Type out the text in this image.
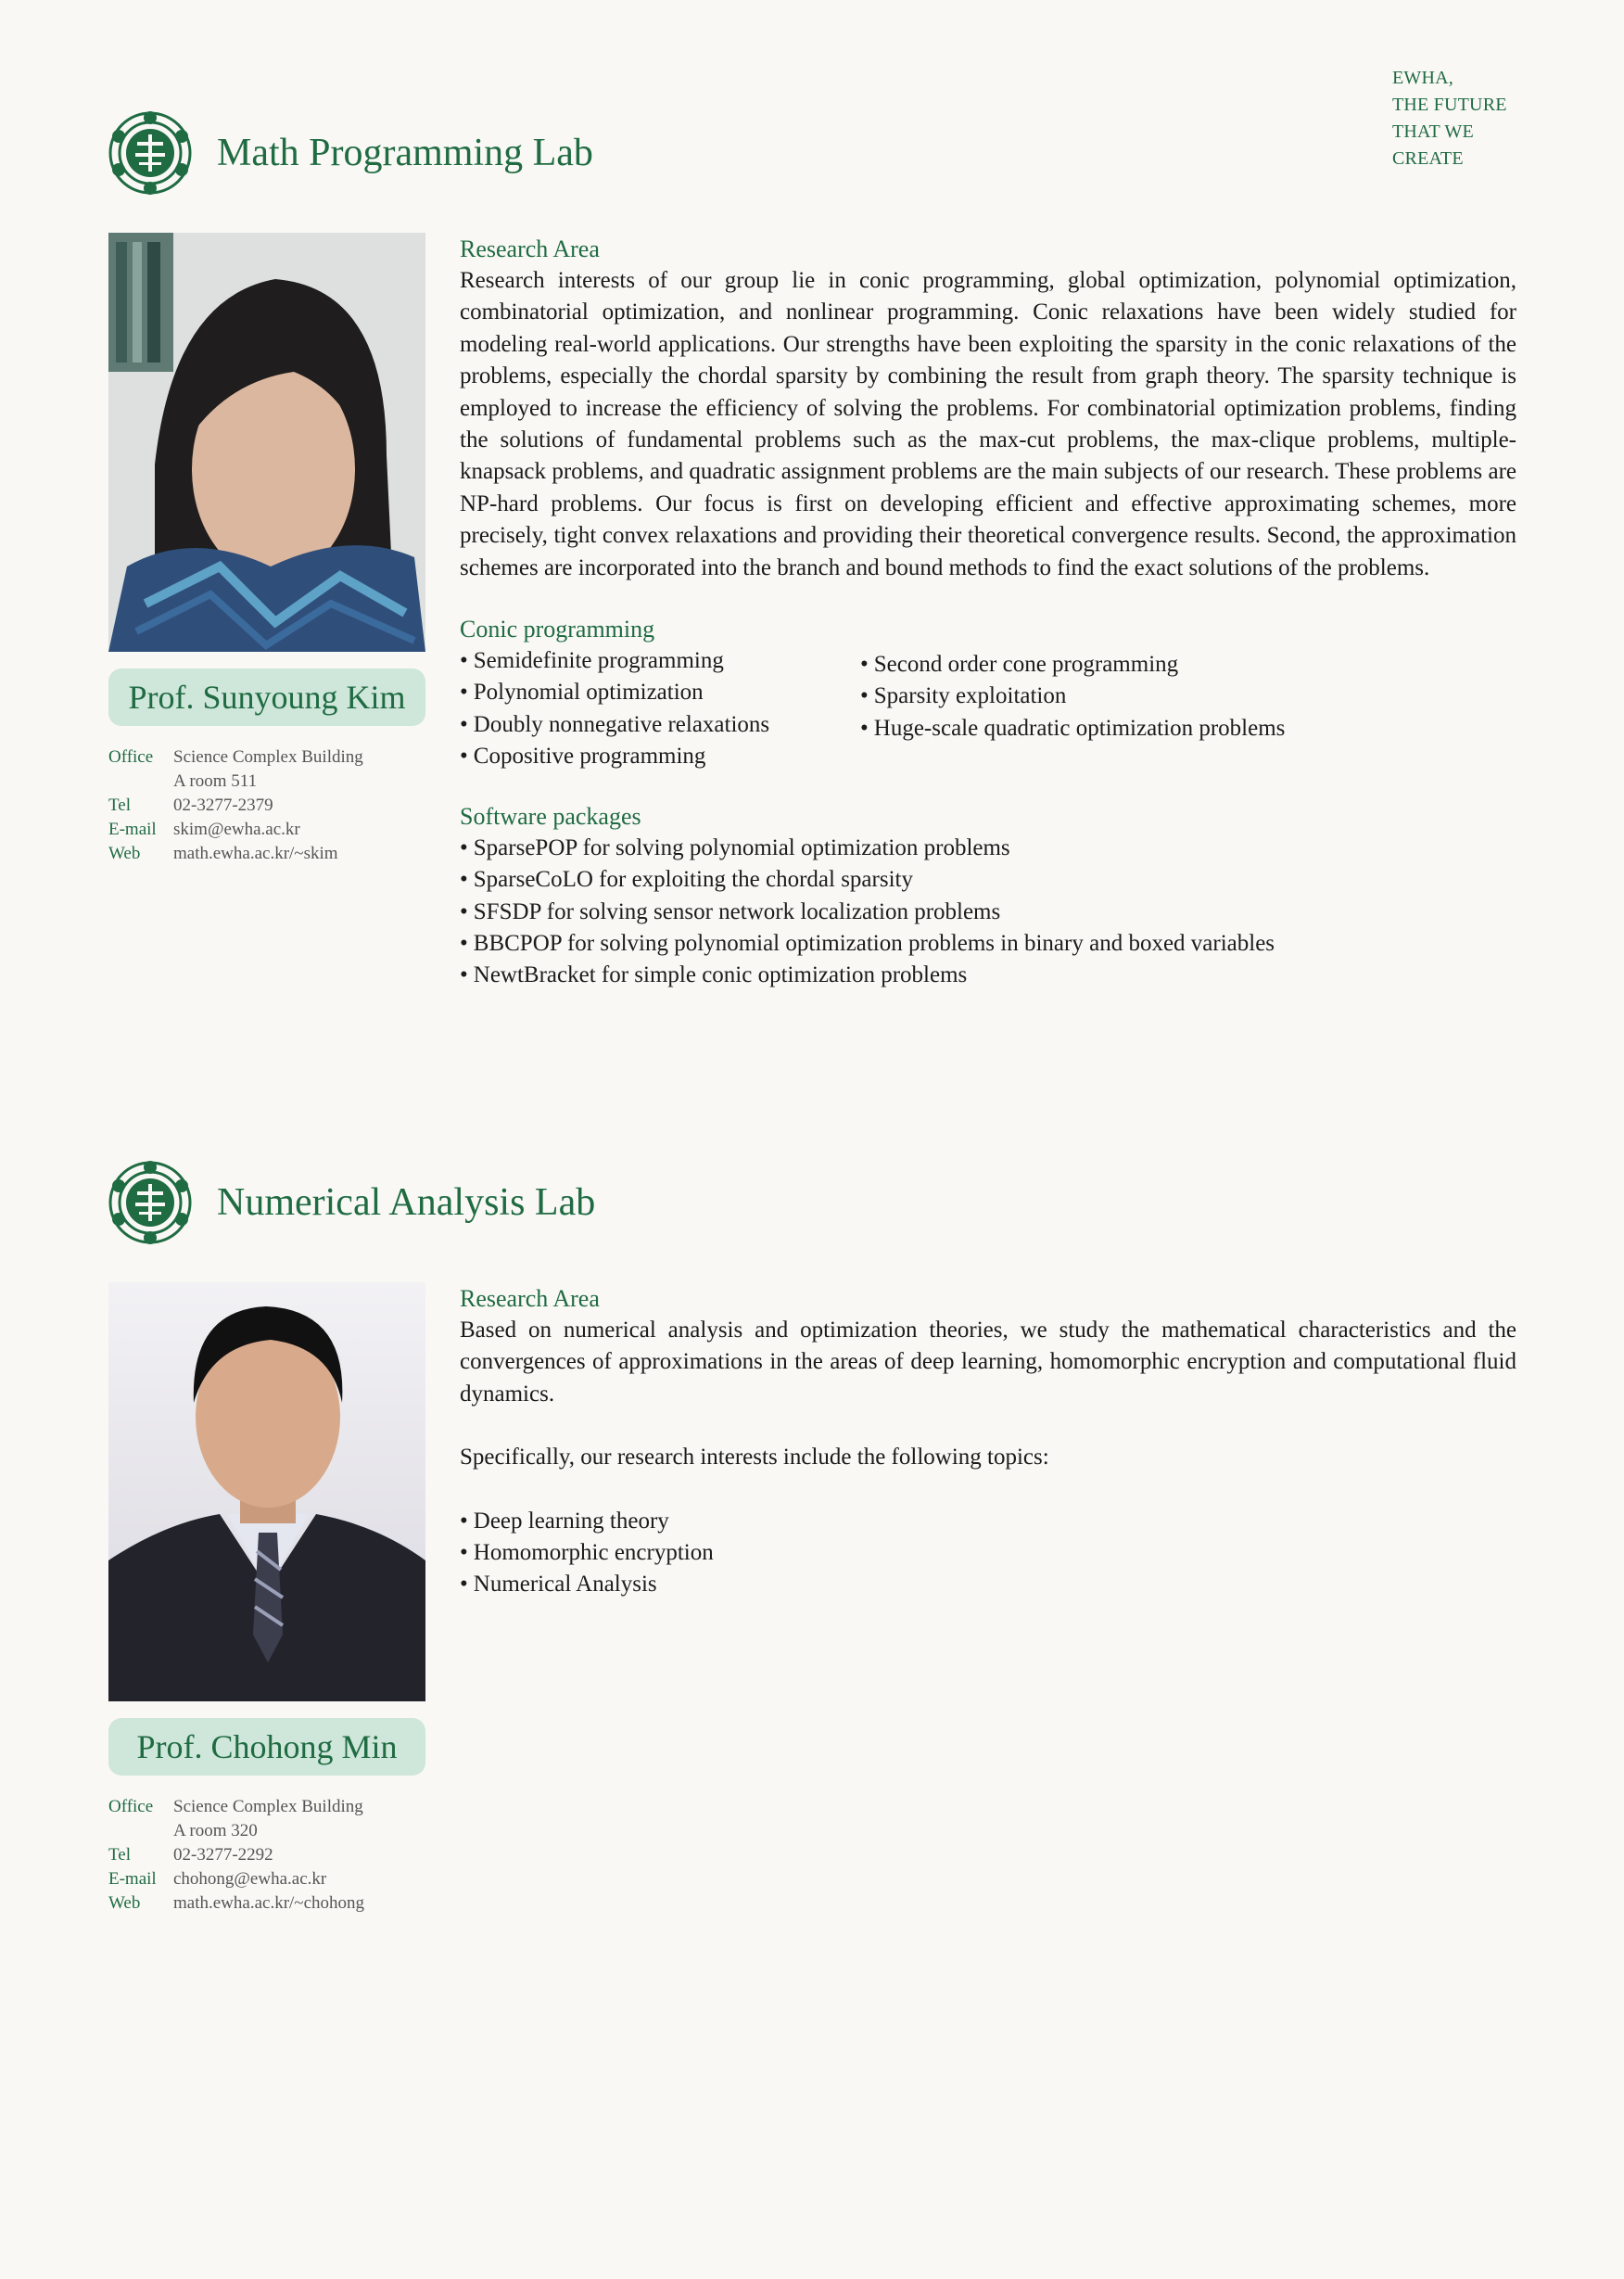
EWHA,
THE FUTURE
THAT WE
CREATE
Math Programming Lab
Prof. Sunyoung Kim
Office	Science Complex Building
A room 511
Tel	02-3277-2379
E-mail skim@ewha.ac.kr
Web	math.ewha.ac.kr/~skim
Research Area

Research interests of our group lie in conic programming, global optimization, polynomial optimization, combinatorial optimization, and nonlinear programming. Conic relaxations have been widely studied for modeling real-world applications. Our strengths have been exploiting the sparsity in the conic relaxations of the problems, especially the chordal sparsity by combining the result from graph theory. The sparsity technique is employed to increase the efficiency of solving the problems. For combinatorial optimization problems, finding the solutions of fundamental problems such as the max-cut problems, the max-clique problems, multiple-knapsack problems, and quadratic assignment problems are the main subjects of our research. These problems are NP-hard problems. Our focus is first on developing efficient and effective approximating schemes, more precisely, tight convex relaxations and providing their theoretical convergence results. Second, the approximation schemes are incorporated into the branch and bound methods to find the exact solutions of the problems.

Conic programming
• Semidefinite programming
• Polynomial optimization
• Doubly nonnegative relaxations
• Copositive programming
• Second order cone programming
• Sparsity exploitation
• Huge-scale quadratic optimization problems
Software packages
• SparsePOP for solving polynomial optimization problems
• SparseCoLO for exploiting the chordal sparsity
• SFSDP for solving sensor network localization problems
• BBCPOP for solving polynomial optimization problems in binary and boxed variables
• NewtBracket for simple conic optimization problems
Numerical Analysis Lab
Prof. Chohong Min
Office	Science Complex Building
A room 320
Tel	02-3277-2292
E-mail chohong@ewha.ac.kr
Web	math.ewha.ac.kr/~chohong
Research Area

Based on numerical analysis and optimization theories, we study the mathematical characteristics and the convergences of approximations in the areas of deep learning, homomorphic encryption and computational fluid dynamics.

Specifically, our research interests include the following topics:

• Deep learning theory
• Homomorphic encryption
• Numerical Analysis
